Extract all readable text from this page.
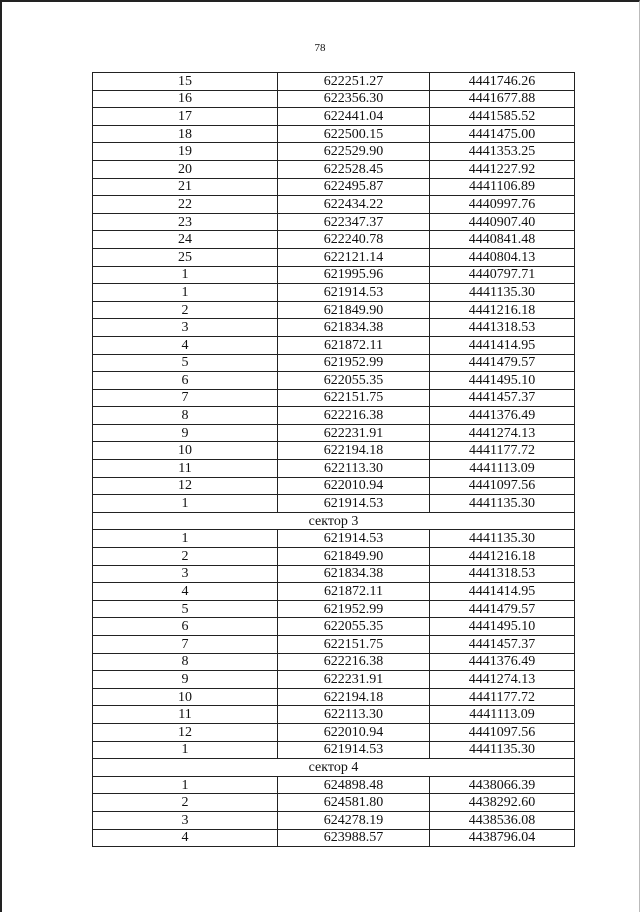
78
15	622251.27	4441746.26
16	622356.30	4441677.88
17	622441.04	4441585.52
18	622500.15	4441475.00
19	622529.90	4441353.25
20	622528.45	4441227.92
21	622495.87	4441106.89
22	622434.22	4440997.76
23	622347.37	4440907.40
24	622240.78	4440841.48
25	622121.14	4440804.13
1	621995.96	4440797.71
1	621914.53	4441135.30
2	621849.90	4441216.18
3	621834.38	4441318.53
4	621872.11	4441414.95
5	621952.99	4441479.57
6	622055.35	4441495.10
7	622151.75	4441457.37
8	622216.38	4441376.49
9	622231.91	4441274.13
10	622194.18	4441177.72
11	622113.30	4441113.09
12	622010.94	4441097.56
1	621914.53	4441135.30
сектор 3		
1	621914.53	4441135.30
2	621849.90	4441216.18
3	621834.38	4441318.53
4	621872.11	4441414.95
5	621952.99	4441479.57
6	622055.35	4441495.10
7	622151.75	4441457.37
8	622216.38	4441376.49
9	622231.91	4441274.13
10	622194.18	4441177.72
11	622113.30	4441113.09
12	622010.94	4441097.56
1	621914.53	4441135.30
сектор 4		
1	624898.48	4438066.39
2	624581.80	4438292.60
3	624278.19	4438536.08
4	623988.57	4438796.04
